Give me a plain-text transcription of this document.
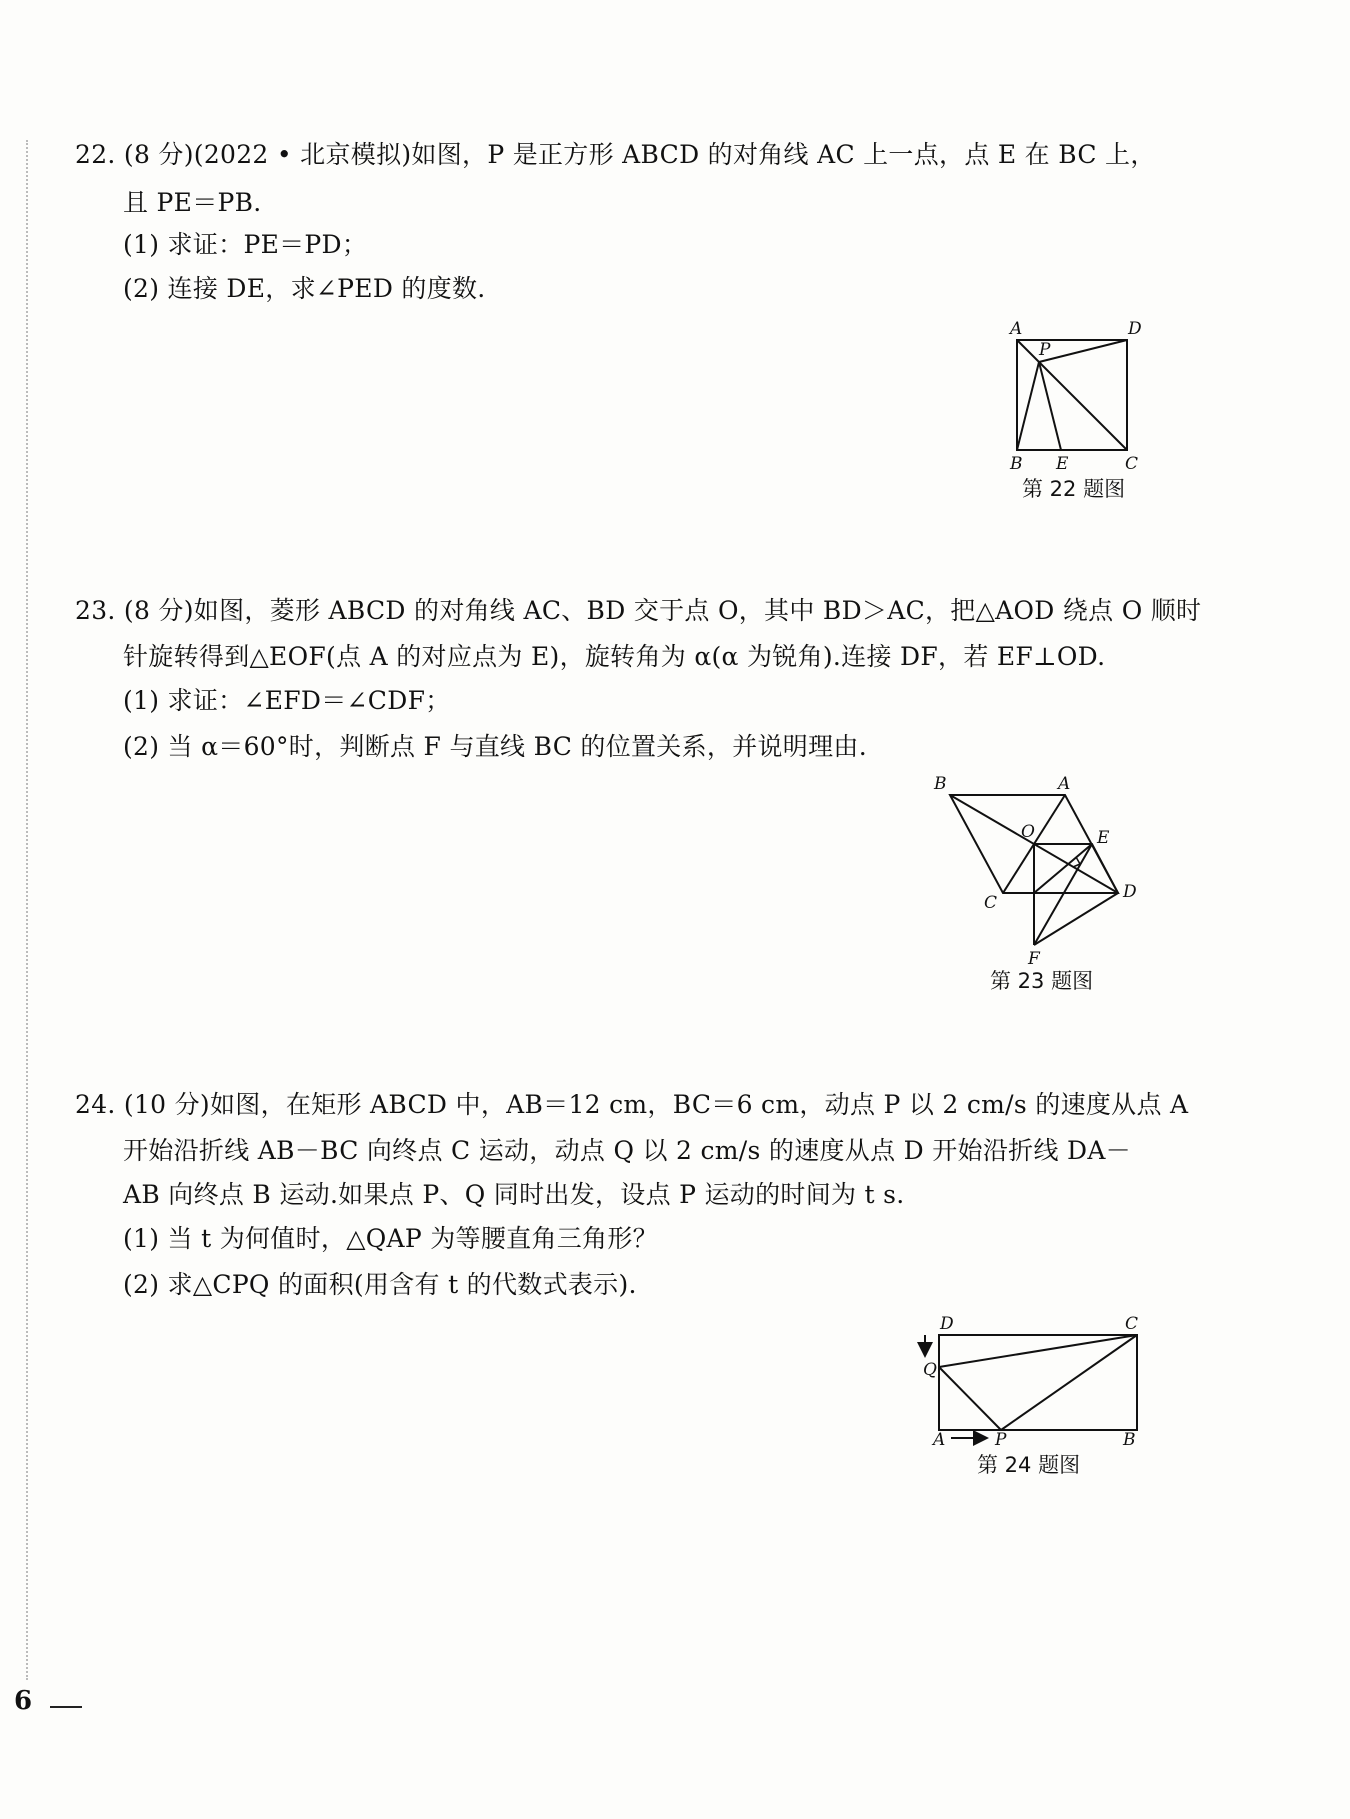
22. (8 分)(2022 • 北京模拟)如图，P 是正方形 ABCD 的对角线 AC 上一点，点 E 在 BC 上，
且 PE＝PB.
(1) 求证：PE＝PD；
(2) 连接 DE，求∠PED 的度数.
A	D
P
B E	C
第 22 题图
23. (8 分)如图，菱形 ABCD 的对角线 AC、BD 交于点 O，其中 BD＞AC，把△AOD 绕点 O 顺时
针旋转得到△EOF(点 A 的对应点为 E)，旋转角为 α(α 为锐角).连接 DF，若 EF⊥OD.
(1) 求证：∠EFD＝∠CDF；
(2) 当 α＝60°时，判断点 F 与直线 BC 的位置关系，并说明理由.
B	A
O	E
C
D
F
第 23 题图
24. (10 分)如图，在矩形 ABCD 中，AB＝12 cm，BC＝6 cm，动点 P 以 2 cm/s 的速度从点 A
开始沿折线 AB－BC 向终点 C 运动，动点 Q 以 2 cm/s 的速度从点 D 开始沿折线 DA－
AB 向终点 B 运动.如果点 P、Q 同时出发，设点 P 运动的时间为 t s.
(1) 当 t 为何值时，△QAP 为等腰直角三角形？
(2) 求△CPQ 的面积(用含有 t 的代数式表示).
D	C
Q
A	P	B
第 24 题图
6
